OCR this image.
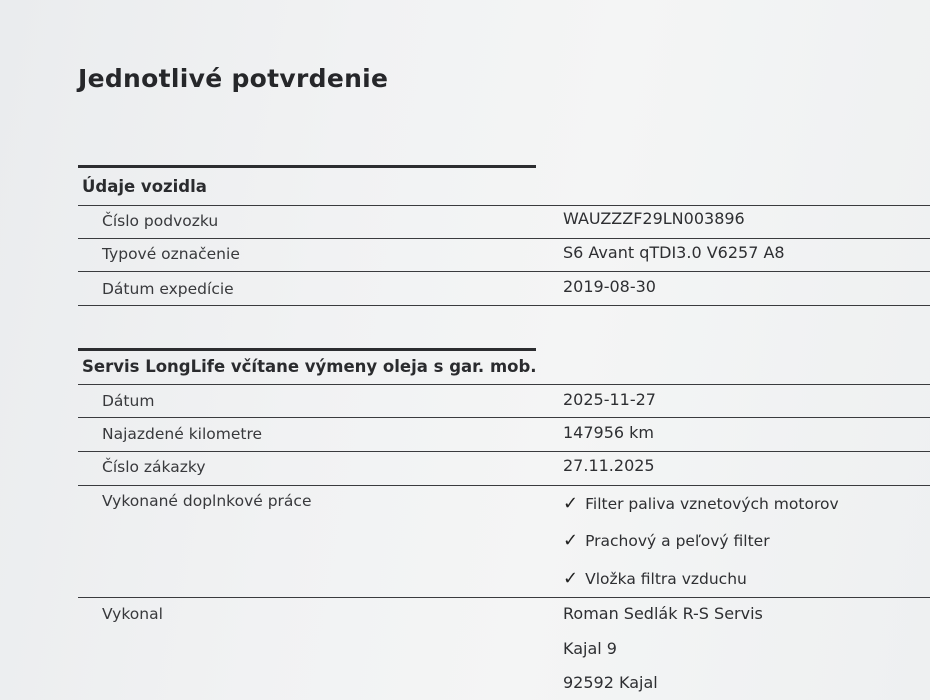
Jednotlivé potvrdenie
Údaje vozidla
Číslo podvozku	WAUZZZF29LN003896
Typové označenie	S6 Avant qTDI3.0 V6257 A8
Dátum expedície	2019-08-30
Servis LongLife včítane výmeny oleja s gar. mob.
Dátum	2025-11-27
Najazdené kilometre	147956 km
Číslo zákazky	27.11.2025
Vykonané doplnkové práce	✓ Filter paliva vznetových motorov
✓ Prachový a peľový filter
✓ Vložka filtra vzduchu
Vykonal	Roman Sedlák R-S Servis
Kajal 9
92592 Kajal
